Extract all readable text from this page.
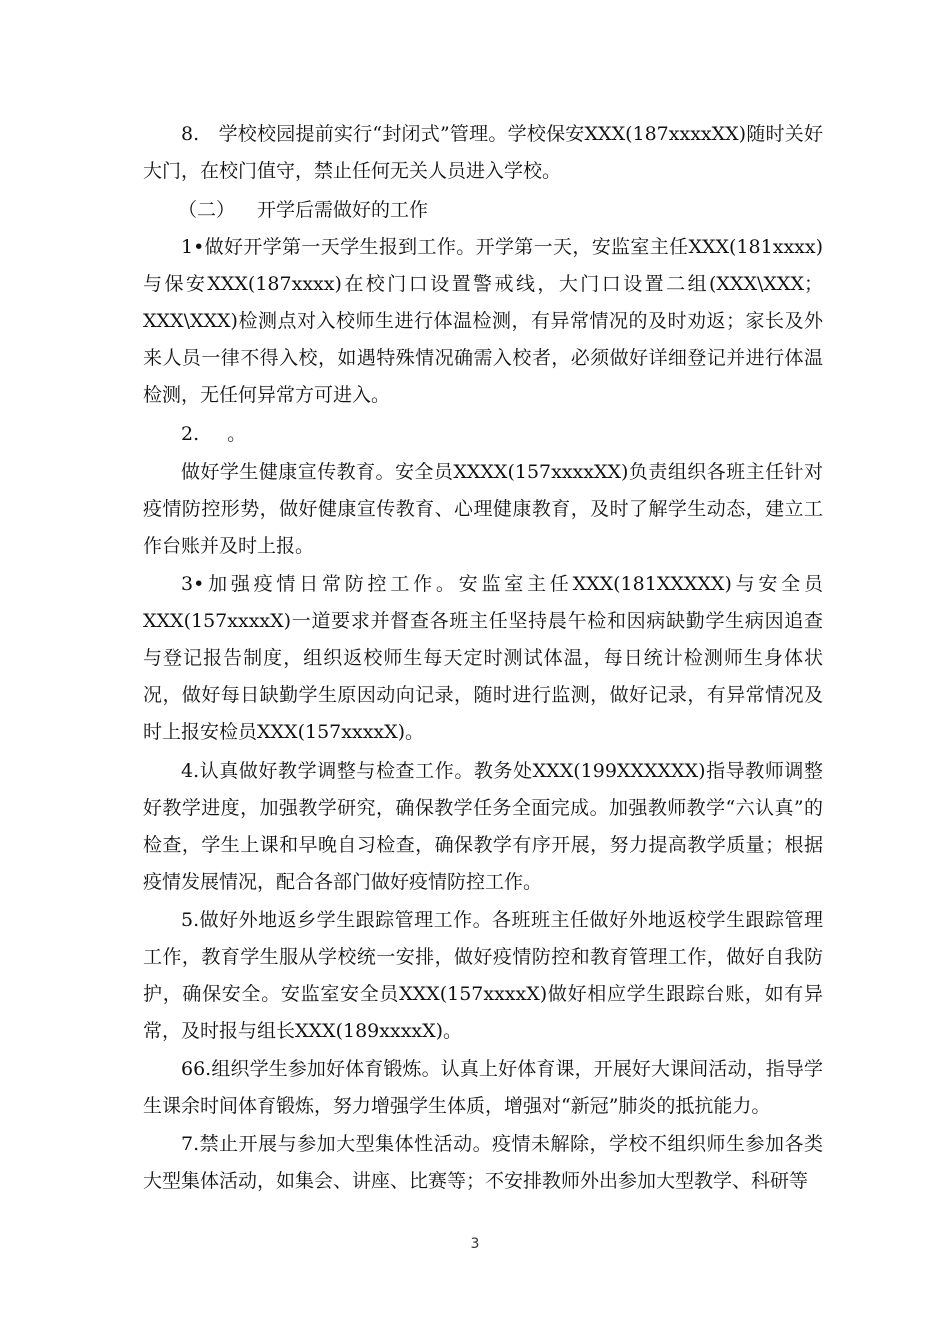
8.　学校校园提前实行“封闭式”管理。学校保安XXX(187xxxxXX)随时关好大门，在校门值守，禁止任何无关人员进入学校。

（二） 开学后需做好的工作

1•做好开学第一天学生报到工作。开学第一天，安监室主任XXX(181xxxx)与保安XXX(187xxxx)在校门口设置警戒线，大门口设置二组(XXX\XXX；XXX\XXX)检测点对入校师生进行体温检测，有异常情况的及时劝返；家长及外来人员一律不得入校，如遇特殊情况确需入校者，必须做好详细登记并进行体温检测，无任何异常方可进入。

2. 。

做好学生健康宣传教育。安全员XXXX(157xxxxXX)负责组织各班主任针对疫情防控形势，做好健康宣传教育、心理健康教育，及时了解学生动态，建立工作台账并及时上报。

3•加强疫情日常防控工作。安监室主任XXX(181XXXXX)与安全员XXX(157xxxxX)一道要求并督查各班主任坚持晨午检和因病缺勤学生病因追查与登记报告制度，组织返校师生每天定时测试体温，每日统计检测师生身体状况，做好每日缺勤学生原因动向记录，随时进行监测，做好记录，有异常情况及时上报安检员XXX(157xxxxX)。

4.认真做好教学调整与检查工作。教务处XXX(199XXXXXX)指导教师调整好教学进度，加强教学研究，确保教学任务全面完成。加强教师教学“六认真”的检查，学生上课和早晚自习检查，确保教学有序开展，努力提高教学质量；根据疫情发展情况，配合各部门做好疫情防控工作。

5.做好外地返乡学生跟踪管理工作。各班班主任做好外地返校学生跟踪管理工作，教育学生服从学校统一安排，做好疫情防控和教育管理工作，做好自我防护，确保安全。安监室安全员XXX(157xxxxX)做好相应学生跟踪台账，如有异常，及时报与组长XXX(189xxxxX)。

66.组织学生参加好体育锻炼。认真上好体育课，开展好大课间活动，指导学生课余时间体育锻炼，努力增强学生体质，增强对“新冠”肺炎的抵抗能力。

7.禁止开展与参加大型集体性活动。疫情未解除，学校不组织师生参加各类大型集体活动，如集会、讲座、比赛等；不安排教师外出参加大型教学、科研等

3
